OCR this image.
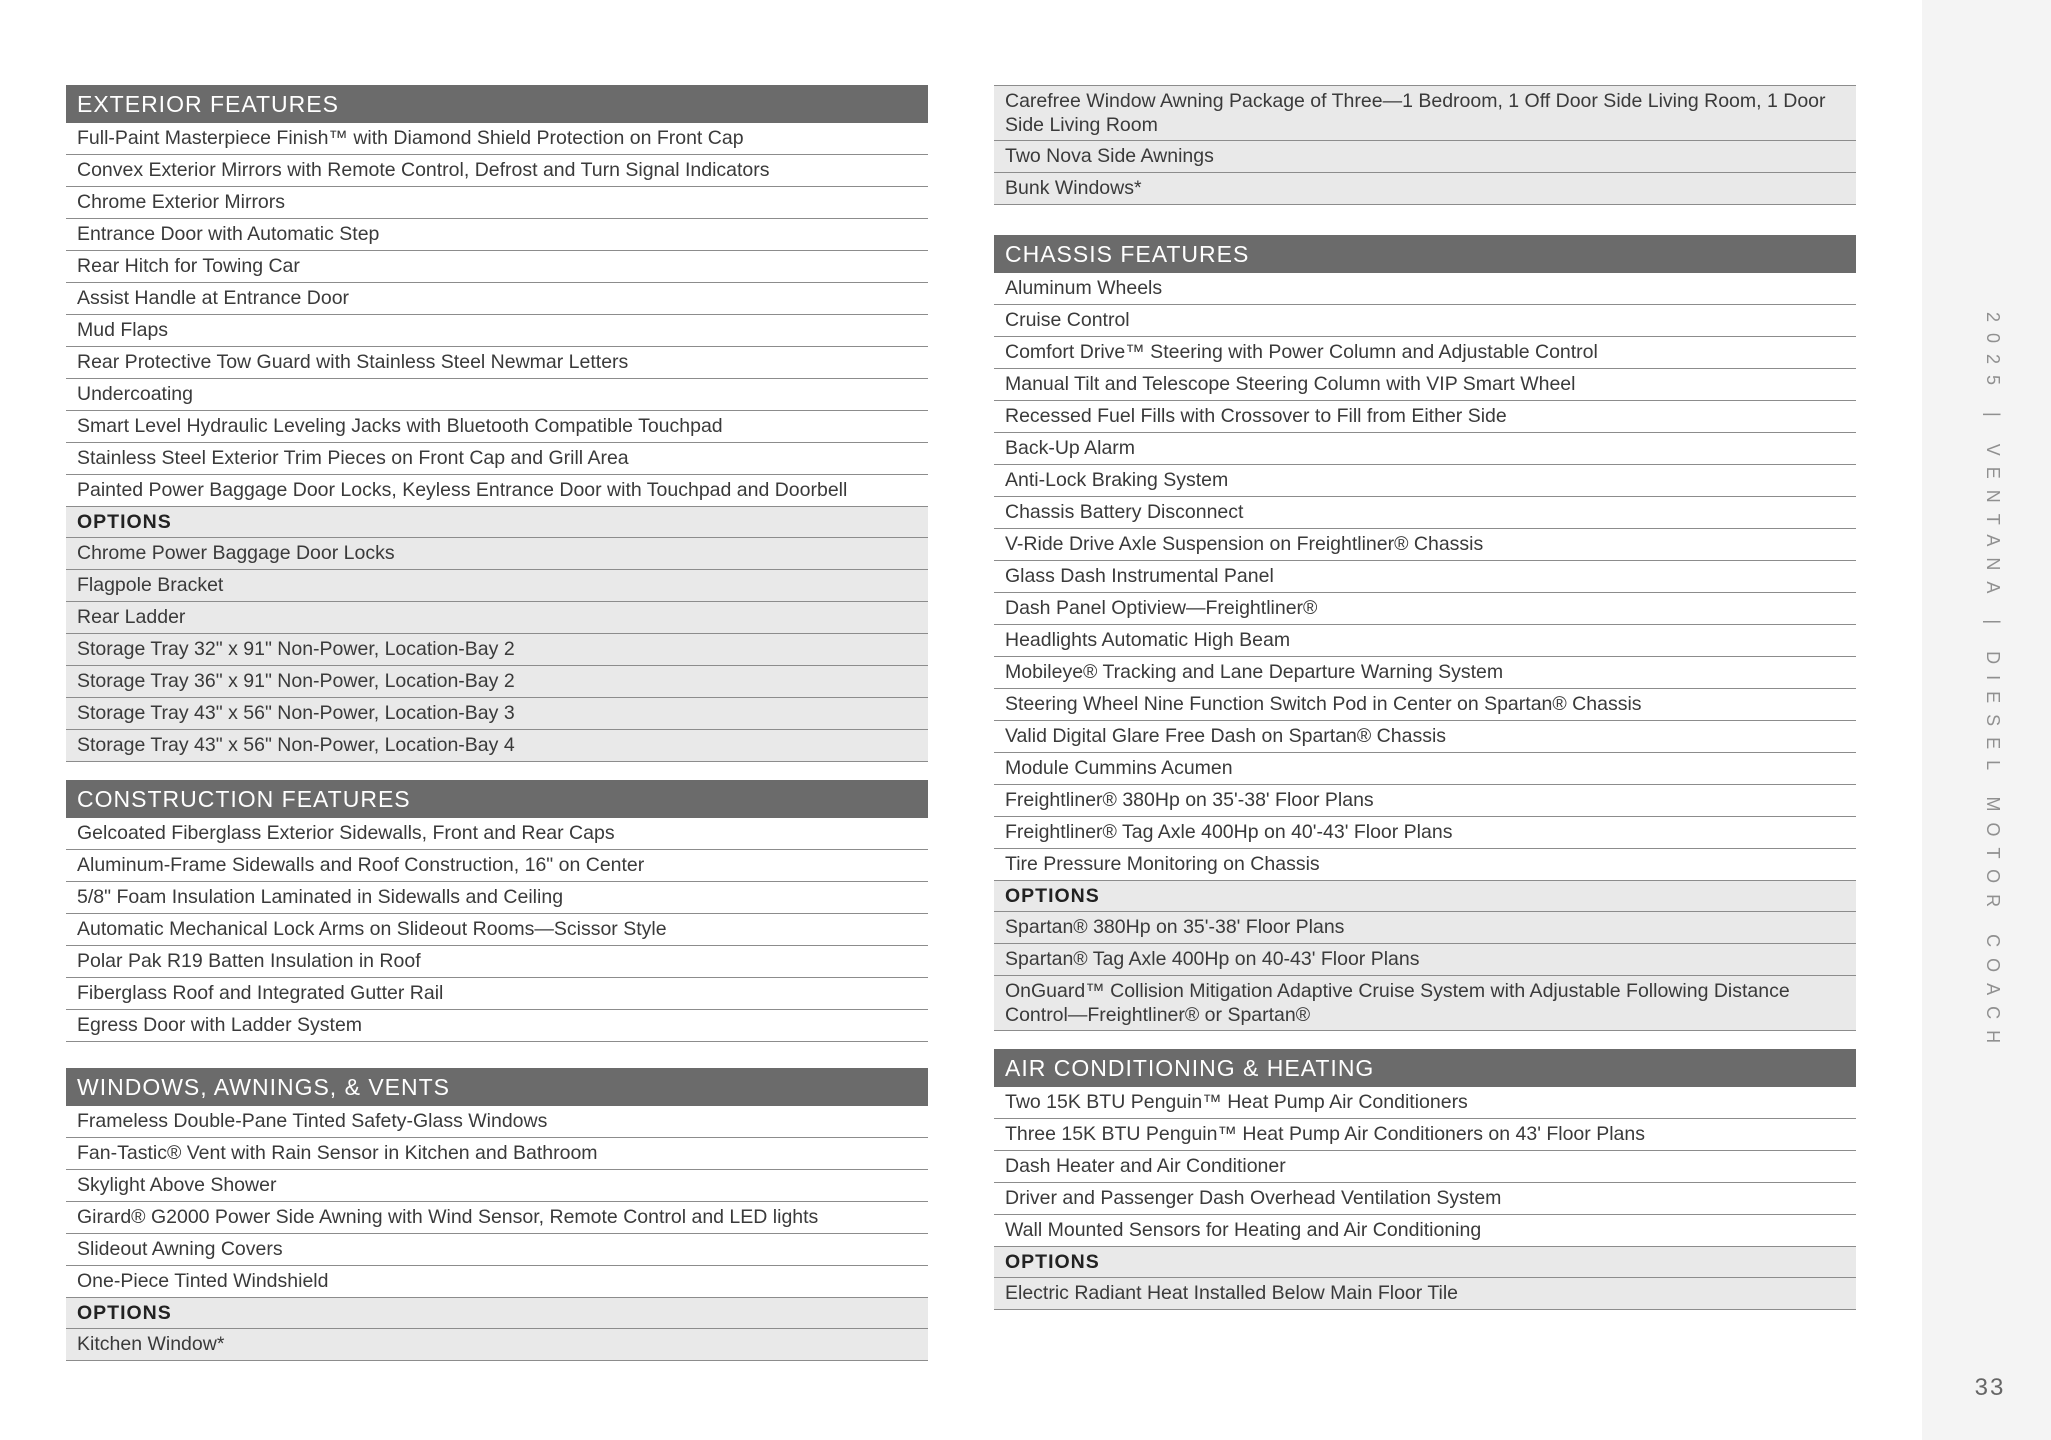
2025 | VENTANA | DIESEL MOTOR COACH
33
EXTERIOR FEATURES
Full-Paint Masterpiece Finish™ with Diamond Shield Protection on Front Cap
Convex Exterior Mirrors with Remote Control, Defrost and Turn Signal Indicators
Chrome Exterior Mirrors
Entrance Door with Automatic Step
Rear Hitch for Towing Car
Assist Handle at Entrance Door
Mud Flaps
Rear Protective Tow Guard with Stainless Steel Newmar Letters
Undercoating
Smart Level Hydraulic Leveling Jacks with Bluetooth Compatible Touchpad
Stainless Steel Exterior Trim Pieces on Front Cap and Grill Area
Painted Power Baggage Door Locks, Keyless Entrance Door with Touchpad and Doorbell
OPTIONS
Chrome Power Baggage Door Locks
Flagpole Bracket
Rear Ladder
Storage Tray 32" x 91" Non-Power, Location-Bay 2
Storage Tray 36" x 91" Non-Power, Location-Bay 2
Storage Tray 43" x 56" Non-Power, Location-Bay 3
Storage Tray 43" x 56" Non-Power, Location-Bay 4
CONSTRUCTION FEATURES
Gelcoated Fiberglass Exterior Sidewalls, Front and Rear Caps
Aluminum-Frame Sidewalls and Roof Construction, 16" on Center
5/8" Foam Insulation Laminated in Sidewalls and Ceiling
Automatic Mechanical Lock Arms on Slideout Rooms—Scissor Style
Polar Pak R19 Batten Insulation in Roof
Fiberglass Roof and Integrated Gutter Rail
Egress Door with Ladder System
WINDOWS, AWNINGS, & VENTS
Frameless Double-Pane Tinted Safety-Glass Windows
Fan-Tastic® Vent with Rain Sensor in Kitchen and Bathroom
Skylight Above Shower
Girard® G2000 Power Side Awning with Wind Sensor, Remote Control and LED lights
Slideout Awning Covers
One-Piece Tinted Windshield
OPTIONS
Kitchen Window*
Carefree Window Awning Package of Three—1 Bedroom, 1 Off Door Side Living Room, 1 Door Side Living Room
Two Nova Side Awnings
Bunk Windows*
CHASSIS FEATURES
Aluminum Wheels
Cruise Control
Comfort Drive™ Steering with Power Column and Adjustable Control
Manual Tilt and Telescope Steering Column with VIP Smart Wheel
Recessed Fuel Fills with Crossover to Fill from Either Side
Back-Up Alarm
Anti-Lock Braking System
Chassis Battery Disconnect
V-Ride Drive Axle Suspension on Freightliner® Chassis
Glass Dash Instrumental Panel
Dash Panel Optiview—Freightliner®
Headlights Automatic High Beam
Mobileye® Tracking and Lane Departure Warning System
Steering Wheel Nine Function Switch Pod in Center on Spartan® Chassis
Valid Digital Glare Free Dash on Spartan® Chassis
Module Cummins Acumen
Freightliner® 380Hp on 35'-38' Floor Plans
Freightliner® Tag Axle 400Hp on 40'-43' Floor Plans
Tire Pressure Monitoring on Chassis
OPTIONS
Spartan® 380Hp on 35'-38' Floor Plans
Spartan® Tag Axle 400Hp on 40-43' Floor Plans
OnGuard™ Collision Mitigation Adaptive Cruise System with Adjustable Following Distance Control—Freightliner® or Spartan®
AIR CONDITIONING & HEATING
Two 15K BTU Penguin™ Heat Pump Air Conditioners
Three 15K BTU Penguin™ Heat Pump Air Conditioners on 43' Floor Plans
Dash Heater and Air Conditioner
Driver and Passenger Dash Overhead Ventilation System
Wall Mounted Sensors for Heating and Air Conditioning
OPTIONS
Electric Radiant Heat Installed Below Main Floor Tile
